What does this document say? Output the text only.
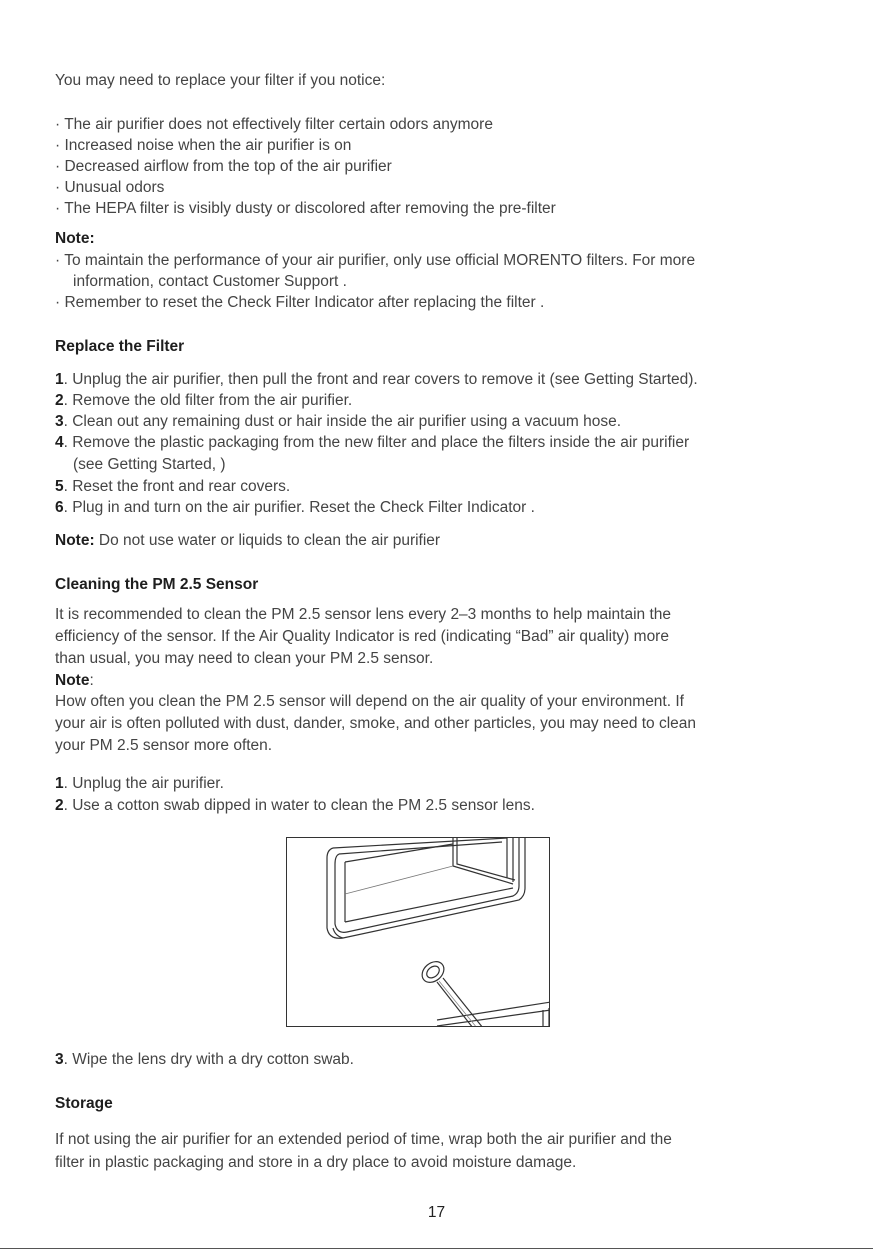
You may need to replace your filter if you notice:
· The air purifier does not effectively filter certain odors anymore
· Increased noise when the air purifier is on
· Decreased airflow from the top of the air purifier
· Unusual odors
· The HEPA filter is visibly dusty or discolored after removing the pre-filter
Note:
· To maintain the performance of your air purifier, only use official MORENTO filters. For more
information, contact Customer Support .
· Remember to reset the Check Filter Indicator after replacing the filter .
Replace the Filter
1. Unplug the air purifier, then pull the front and rear covers to remove it (see Getting Started).
2. Remove the old filter from the air purifier.
3. Clean out any remaining dust or hair inside the air purifier using a vacuum hose.
4. Remove the plastic packaging from the new filter and place the filters inside the air purifier
(see Getting Started, )
5. Reset the front and rear covers.
6. Plug in and turn on the air purifier. Reset the Check Filter Indicator .
Note: Do not use water or liquids to clean the air purifier
Cleaning the PM 2.5 Sensor
It is recommended to clean the PM 2.5 sensor lens every 2–3 months to help maintain the
efficiency of the sensor. If the Air Quality Indicator is red (indicating “Bad” air quality) more
than usual, you may need to clean your PM 2.5 sensor.
Note:
How often you clean the PM 2.5 sensor will depend on the air quality of your environment. If
your air is often polluted with dust, dander, smoke, and other particles, you may need to clean
your PM 2.5 sensor more often.
1. Unplug the air purifier.
2. Use a cotton swab dipped in water to clean the PM 2.5 sensor lens.
3. Wipe the lens dry with a dry cotton swab.
Storage
If not using the air purifier for an extended period of time, wrap both the air purifier and the
filter in plastic packaging and store in a dry place to avoid moisture damage.
17
